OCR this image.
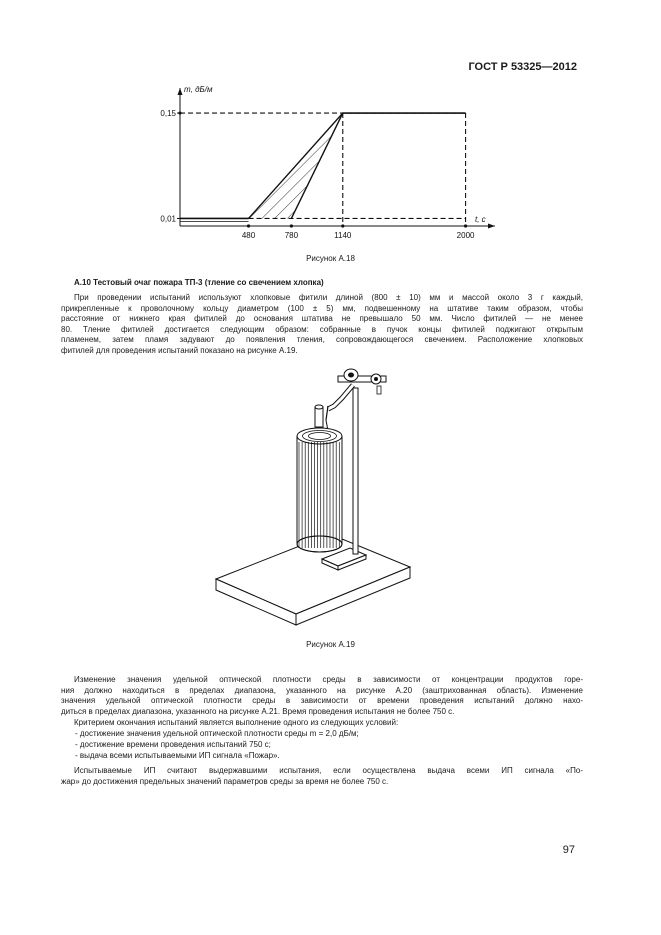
ГОСТ Р 53325—2012
0,15
0,01
480	780	1140	2000
m, дБ/м
t, с
Рисунок А.18
А.10 Тестовый очаг пожара ТП-3 (тление со свечением хлопка)
При проведении испытаний используют хлопковые фитили длиной (800 ± 10) мм и массой около 3 г каждый,
прикрепленные к проволочному кольцу диаметром (100 ± 5) мм, подвешенному на штативе таким образом, чтобы
расстояние от нижнего края фитилей до основания штатива не превышало 50 мм. Число фитилей — не менее
80. Тление фитилей достигается следующим образом: собранные в пучок концы фитилей поджигают открытым
пламенем, затем пламя задувают до появления тления, сопровождающегося свечением. Расположение хлопковых
фитилей для проведения испытаний показано на рисунке А.19.
Рисунок А.19
Изменение значения удельной оптической плотности среды в зависимости от концентрации продуктов горе-
ния должно находиться в пределах диапазона, указанного на рисунке А.20 (заштрихованная область). Изменение
значения удельной оптической плотности среды в зависимости от времени проведения испытаний должно нахо-
диться в пределах диапазона, указанного на рисунке А.21. Время проведения испытания не более 750 с.
Критерием окончания испытаний является выполнение одного из следующих условий:
- достижение значения удельной оптической плотности среды m = 2,0 дБ/м;
- достижение времени проведения испытаний 750 с;
- выдача всеми испытываемыми ИП сигнала «Пожар».
Испытываемые ИП считают выдержавшими испытания, если осуществлена выдача всеми ИП сигнала «По-
жар» до достижения предельных значений параметров среды за время не более 750 с.
97
